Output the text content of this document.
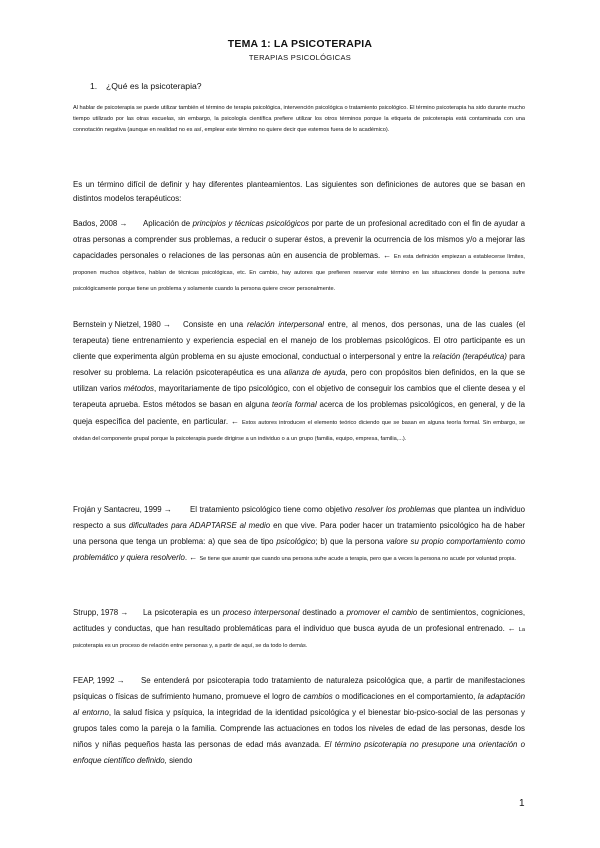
TEMA 1: LA PSICOTERAPIA
TERAPIAS PSICOLÓGICAS
1. ¿Qué es la psicoterapia?
Al hablar de psicoterapia se puede utilizar también el término de terapia psicológica, intervención psicológica o tratamiento psicológico. El término psicoterapia ha sido durante mucho tiempo utilizado por las otras escuelas, sin embargo, la psicología científica prefiere utilizar los otros términos porque la etiqueta de psicoterapia está contaminada con una connotación negativa (aunque en realidad no es así, emplear este término no quiere decir que estemos fuera de lo académico).
Es un término difícil de definir y hay diferentes planteamientos. Las siguientes son definiciones de autores que se basan en distintos modelos terapéuticos:
Bados, 2008 →	Aplicación de principios y técnicas psicológicos por parte de un profesional acreditado con el fin de ayudar a otras personas a comprender sus problemas, a reducir o superar éstos, a prevenir la ocurrencia de los mismos y/o a mejorar las capacidades personales o relaciones de las personas aún en ausencia de problemas. ← En esta definición empiezan a establecerse límites, proponen muchos objetivos, hablan de técnicas psicológicas, etc. En cambio, hay autores que prefieren reservar este término en las situaciones donde la persona sufre psicológicamente porque tiene un problema y solamente cuando la persona quiere crecer personalmente.
Bernstein y Nietzel, 1980 →	Consiste en una relación interpersonal entre, al menos, dos personas, una de las cuales (el terapeuta) tiene entrenamiento y experiencia especial en el manejo de los problemas psicológicos. El otro participante es un cliente que experimenta algún problema en su ajuste emocional, conductual o interpersonal y entre la relación (terapéutica) para resolver su problema. La relación psicoterapéutica es una alianza de ayuda, pero con propósitos bien definidos, en la que se utilizan varios métodos, mayoritariamente de tipo psicológico, con el objetivo de conseguir los cambios que el cliente desea y el terapeuta aprueba. Estos métodos se basan en alguna teoría formal acerca de los problemas psicológicos, en general, y de la queja específica del paciente, en particular. ← Estos autores introducen el elemento teórico diciendo que se basan en alguna teoría formal. Sin embargo, se olvidan del componente grupal porque la psicoterapia puede dirigirse a un individuo o a un grupo (familia, equipo, empresa, familia,...).
Froján y Santacreu, 1999 →	El tratamiento psicológico tiene como objetivo resolver los problemas que plantea un individuo respecto a sus dificultades para ADAPTARSE al medio en que vive. Para poder hacer un tratamiento psicológico ha de haber una persona que tenga un problema: a) que sea de tipo psicológico; b) que la persona valore su propio comportamiento como problemático y quiera resolverlo. ← Se tiene que asumir que cuando una persona sufre acude a terapia, pero que a veces la persona no acude por voluntad propia.
Strupp, 1978 →	La psicoterapia es un proceso interpersonal destinado a promover el cambio de sentimientos, cogniciones, actitudes y conductas, que han resultado problemáticas para el individuo que busca ayuda de un profesional entrenado. ← La psicoterapia es un proceso de relación entre personas y, a partir de aquí, se da todo lo demás.
FEAP, 1992 →	Se entenderá por psicoterapia todo tratamiento de naturaleza psicológica que, a partir de manifestaciones psíquicas o físicas de sufrimiento humano, promueve el logro de cambios o modificaciones en el comportamiento, la adaptación al entorno, la salud física y psíquica, la integridad de la identidad psicológica y el bienestar bio-psico-social de las personas y grupos tales como la pareja o la familia. Comprende las actuaciones en todos los niveles de edad de las personas, desde los niños y niñas pequeños hasta las personas de edad más avanzada. El término psicoterapia no presupone una orientación o enfoque científico definido, siendo
1
